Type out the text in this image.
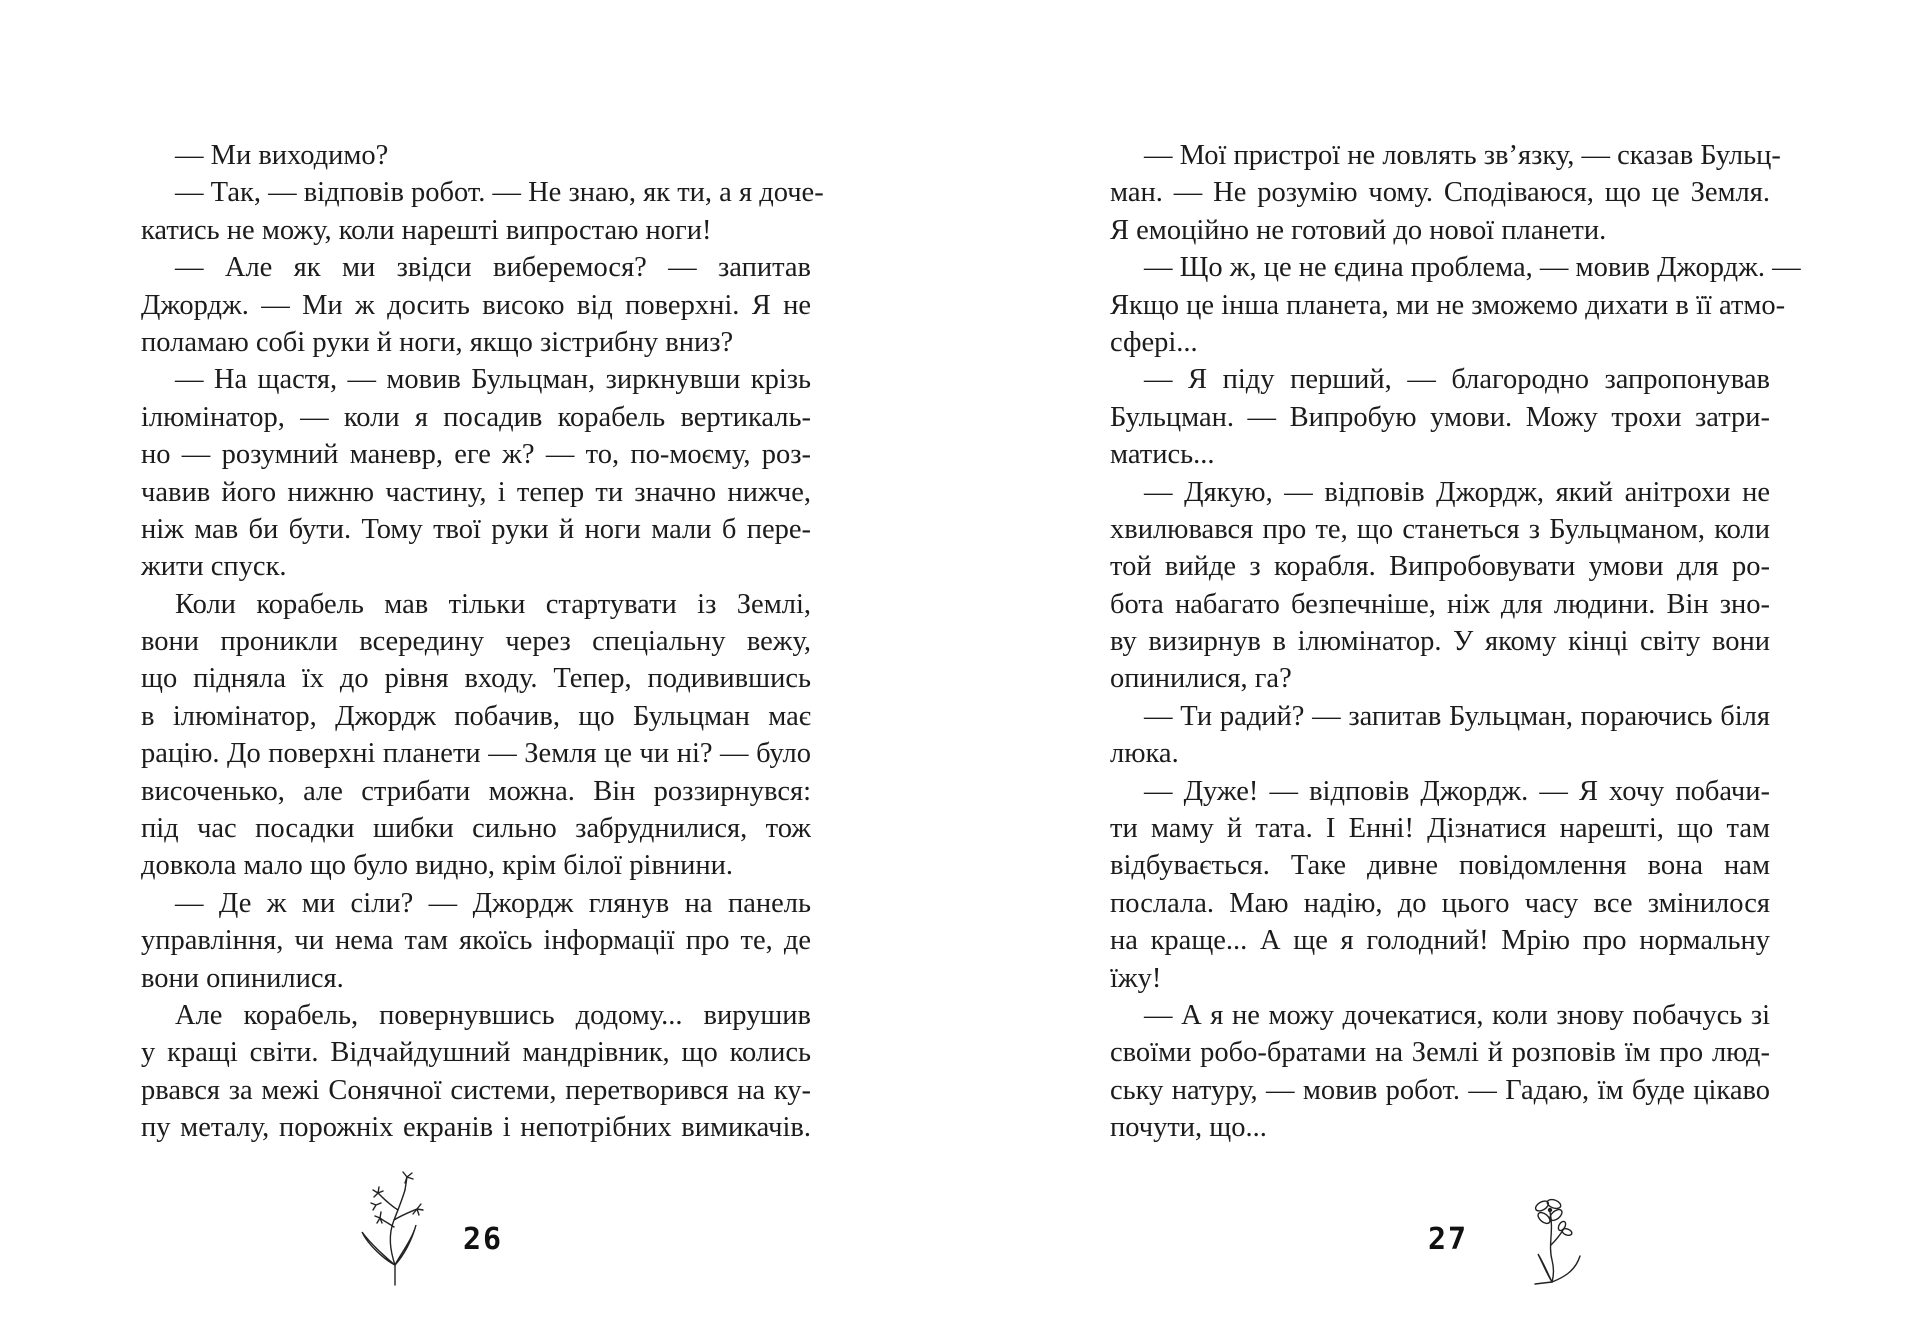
— Ми виходимо?
— Так, — відповів робот. — Не знаю, як ти, а я доче-
катись не можу, коли нарешті випростаю ноги!
— Але як ми звідси виберемося? — запитав
Джордж. — Ми ж досить високо від поверхні. Я не
поламаю собі руки й ноги, якщо зістрибну вниз?
— На щастя, — мовив Бульцман, зиркнувши крізь
ілюмінатор, — коли я посадив корабель вертикаль-
но — розумний маневр, еге ж? — то, по-моєму, роз-
чавив його нижню частину, і тепер ти значно нижче,
ніж мав би бути. Тому твої руки й ноги мали б пере-
жити спуск.
Коли корабель мав тільки стартувати із Землі,
вони проникли всередину через спеціальну вежу,
що підняла їх до рівня входу. Тепер, подивившись
в ілюмінатор, Джордж побачив, що Бульцман має
рацію. До поверхні планети — Земля це чи ні? — було
височенько, але стрибати можна. Він роззирнувся:
під час посадки шибки сильно забруднилися, тож
довкола мало що було видно, крім білої рівнини.
— Де ж ми сіли? — Джордж глянув на панель
управління, чи нема там якоїсь інформації про те, де
вони опинилися.
Але корабель, повернувшись додому... вирушив
у кращі світи. Відчайдушний мандрівник, що колись
рвався за межі Сонячної системи, перетворився на ку-
пу металу, порожніх екранів і непотрібних вимикачів.
26
— Мої пристрої не ловлять зв’язку, — сказав Бульц-
ман. — Не розумію чому. Сподіваюся, що це Земля.
Я емоційно не готовий до нової планети.
— Що ж, це не єдина проблема, — мовив Джордж. —
Якщо це інша планета, ми не зможемо дихати в її атмо-
сфері...
— Я піду перший, — благородно запропонував
Бульцман. — Випробую умови. Можу трохи затри-
матись...
— Дякую, — відповів Джордж, який анітрохи не
хвилювався про те, що станеться з Бульцманом, коли
той вийде з корабля. Випробовувати умови для ро-
бота набагато безпечніше, ніж для людини. Він зно-
ву визирнув в ілюмінатор. У якому кінці світу вони
опинилися, га?
— Ти радий? — запитав Бульцман, пораючись біля
люка.
— Дуже! — відповів Джордж. — Я хочу побачи-
ти маму й тата. І Енні! Дізнатися нарешті, що там
відбувається. Таке дивне повідомлення вона нам
послала. Маю надію, до цього часу все змінилося
на краще... А ще я голодний! Мрію про нормальну
їжу!
— А я не можу дочекатися, коли знову побачусь зі
своїми робо-братами на Землі й розповів їм про люд-
ську натуру, — мовив робот. — Гадаю, їм буде цікаво
почути, що...
27
